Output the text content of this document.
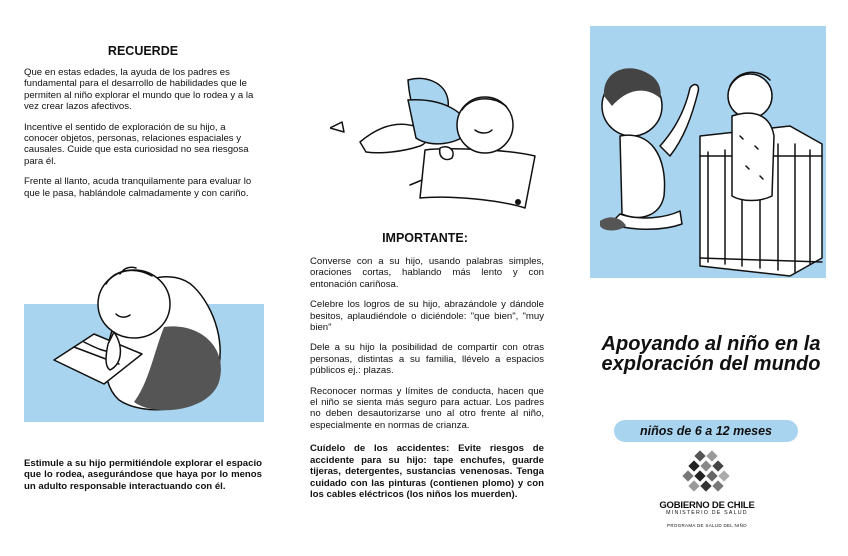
RECUERDE

Que en estas edades, la ayuda de los padres es fundamental para el desarrollo de habilidades que le permiten al niño explorar el mundo que lo rodea y a la vez crear lazos afectivos.

Incentive el sentido de exploración de su hijo, a conocer objetos, personas, relaciones espaciales y causales. Cuide que esta curiosidad no sea riesgosa para él.

Frente al llanto, acuda tranquilamente para evaluar lo que le pasa, hablándole calmadamente y con cariño.

Estimule a su hijo permitiéndole explorar el espacio que lo rodea, asegurándose que haya por lo menos un adulto responsable interactuando con él.

IMPORTANTE:

Converse con a su hijo, usando palabras simples, oraciones cortas, hablando más lento y con entonación cariñosa.

Celebre los logros de su hijo, abrazándole y dándole besitos, aplaudiéndole o diciéndole: "que bien", "muy bien"

Dele a su hijo la posibilidad de compartir con otras personas, distintas a su familia, llévelo a espacios públicos ej.: plazas.

Reconocer normas y límites de conducta, hacen que el niño se sienta más seguro para actuar. Los padres no deben desautorizarse uno al otro frente al niño, especialmente en normas de crianza.

Cuídelo de los accidentes: Evite riesgos de accidente para su hijo: tape enchufes, guarde tijeras, detergentes, sustancias venenosas. Tenga cuidado con las pinturas (contienen plomo) y con los cables eléctricos (los niños los muerden).

Apoyando al niño en la exploración del mundo
niños de 6 a 12 meses
GOBIERNO DE CHILE
MINISTERIO DE SALUD
PROGRAMA DE SALUD DEL NIÑO
